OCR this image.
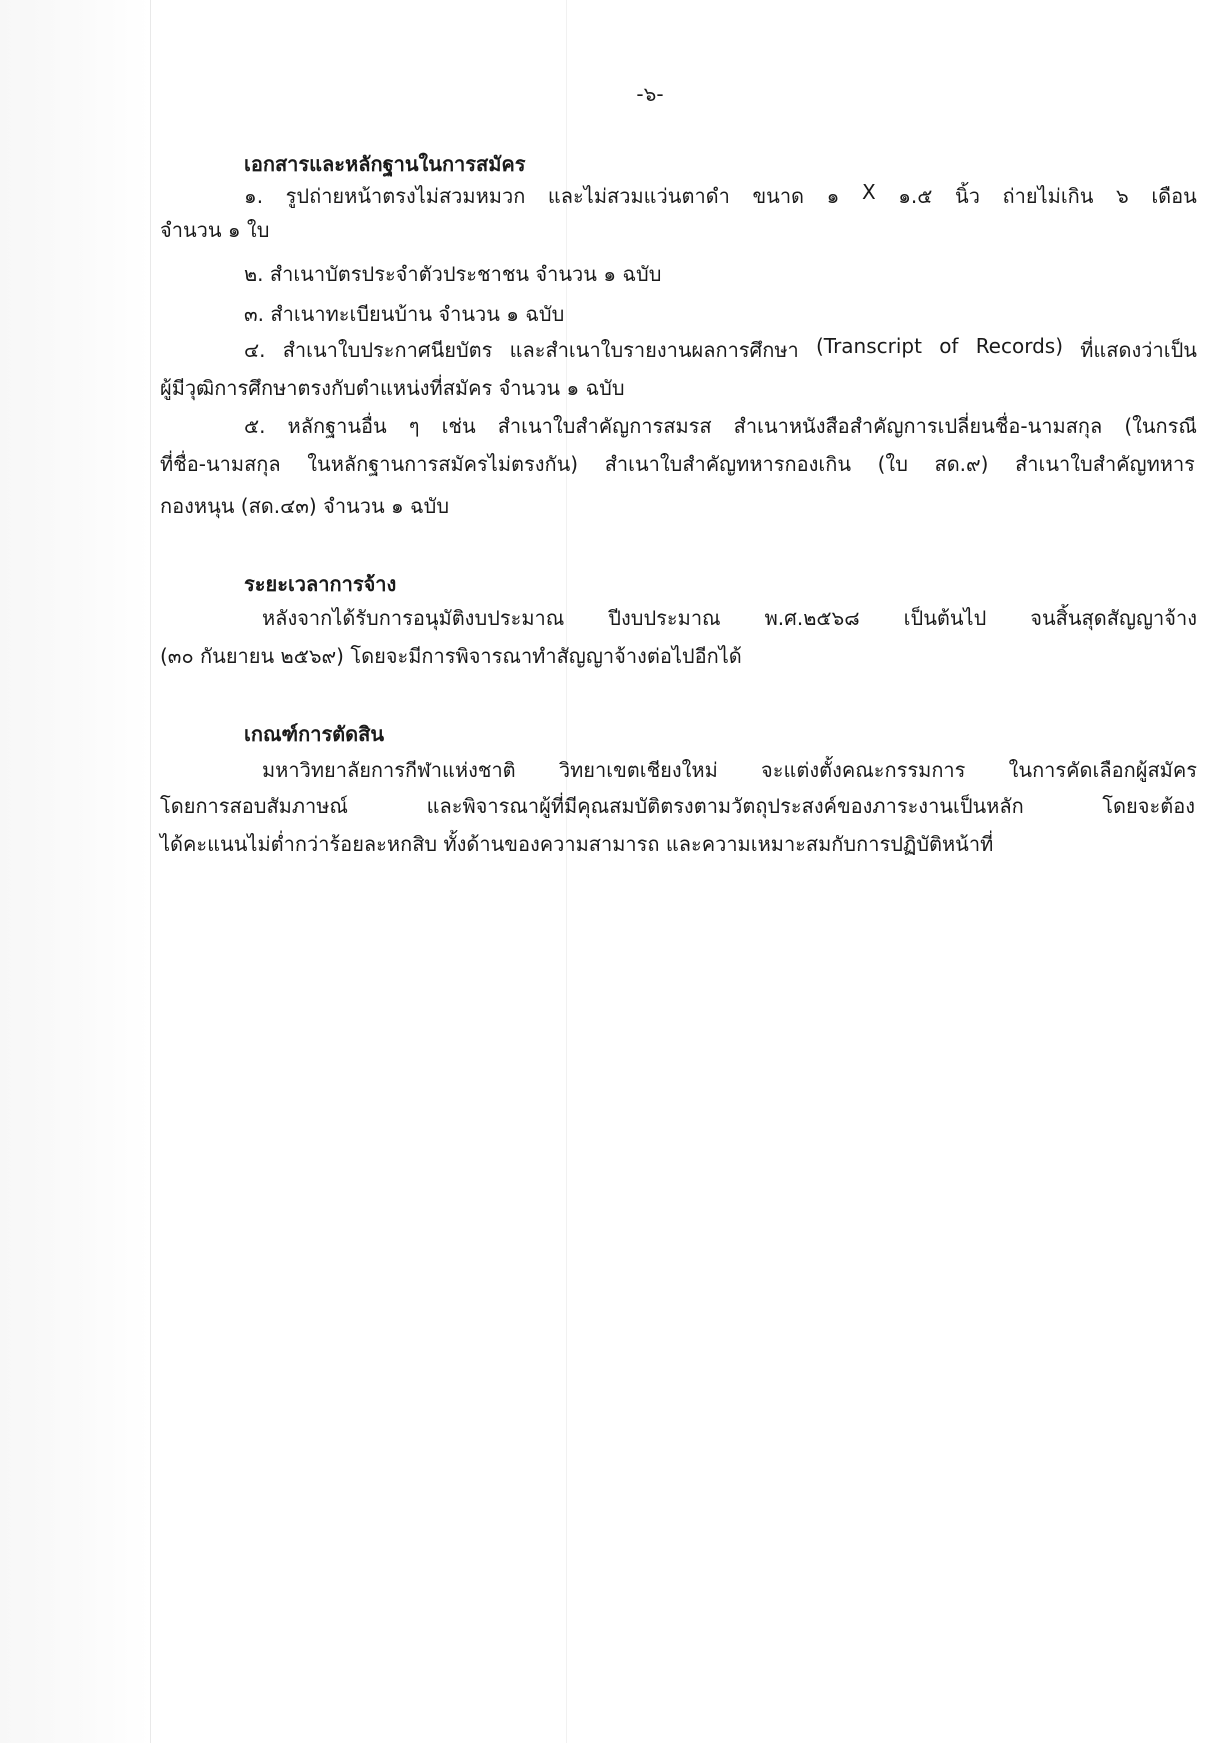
-๖-
เอกสารและหลักฐานในการสมัคร
๑. รูปถ่ายหน้าตรงไม่สวมหมวก และไม่สวมแว่นตาดำ ขนาด ๑ X ๑.๕ นิ้ว ถ่ายไม่เกิน ๖ เดือน
จำนวน ๑ ใบ
๒. สำเนาบัตรประจำตัวประชาชน จำนวน ๑ ฉบับ
๓. สำเนาทะเบียนบ้าน จำนวน ๑ ฉบับ
๔. สำเนาใบประกาศนียบัตร และสำเนาใบรายงานผลการศึกษา (Transcript of Records) ที่แสดงว่าเป็น
ผู้มีวุฒิการศึกษาตรงกับตำแหน่งที่สมัคร จำนวน ๑ ฉบับ
๕. หลักฐานอื่น ๆ เช่น สำเนาใบสำคัญการสมรส สำเนาหนังสือสำคัญการเปลี่ยนชื่อ-นามสกุล (ในกรณี
ที่ชื่อ-นามสกุล ในหลักฐานการสมัครไม่ตรงกัน) สำเนาใบสำคัญทหารกองเกิน (ใบ สด.๙) สำเนาใบสำคัญทหาร
กองหนุน (สด.๔๓) จำนวน ๑ ฉบับ
ระยะเวลาการจ้าง
หลังจากได้รับการอนุมัติงบประมาณ ปีงบประมาณ พ.ศ.๒๕๖๘ เป็นต้นไป จนสิ้นสุดสัญญาจ้าง
(๓๐ กันยายน ๒๕๖๙) โดยจะมีการพิจารณาทำสัญญาจ้างต่อไปอีกได้
เกณฑ์การตัดสิน
มหาวิทยาลัยการกีฬาแห่งชาติ วิทยาเขตเชียงใหม่ จะแต่งตั้งคณะกรรมการ ในการคัดเลือกผู้สมัคร
โดยการสอบสัมภาษณ์	และพิจารณาผู้ที่มีคุณสมบัติตรงตามวัตถุประสงค์ของภาระงานเป็นหลัก	โดยจะต้อง
ได้คะแนนไม่ต่ำกว่าร้อยละหกสิบ ทั้งด้านของความสามารถ และความเหมาะสมกับการปฏิบัติหน้าที่
